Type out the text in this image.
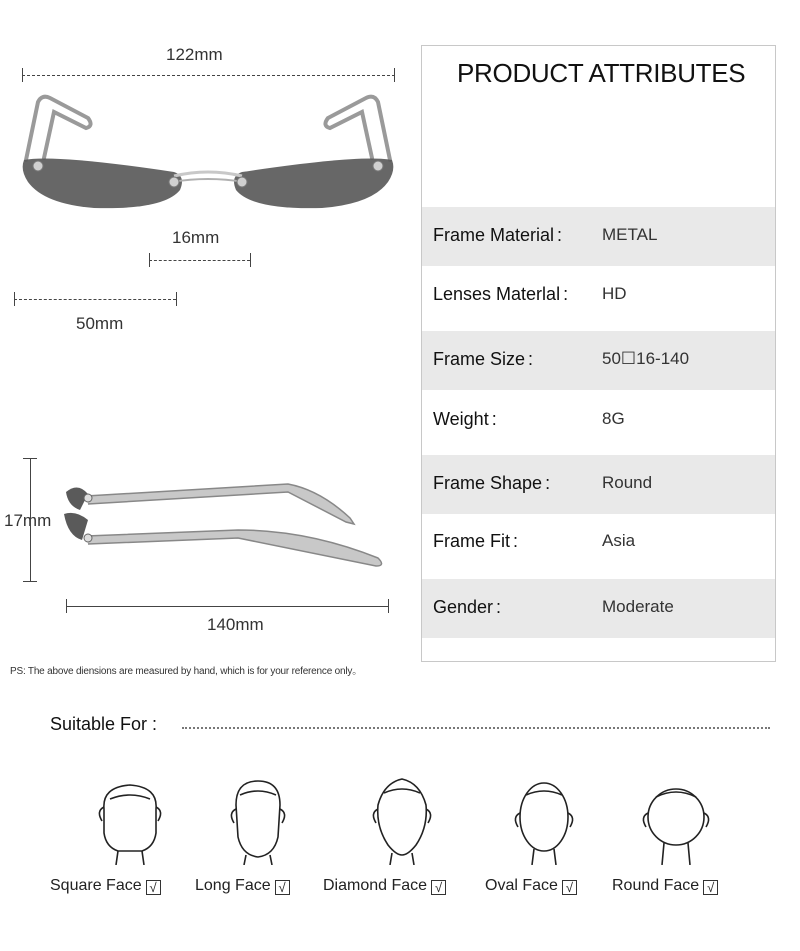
122mm
16mm
50mm
17mm
140mm
PS: The above diensions are measured by hand, which is for your reference only。
PRODUCT ATTRIBUTES
Frame Material : METAL
Lenses Materlal : HD
Frame Size :	50☐16-140
Weight :	8G
Frame Shape :	Round
Frame Fit :	Asia
Gender :	Moderate
Suitable For :
Square Face √ Long Face √ Diamond Face √	Oval Face √ Round Face √
